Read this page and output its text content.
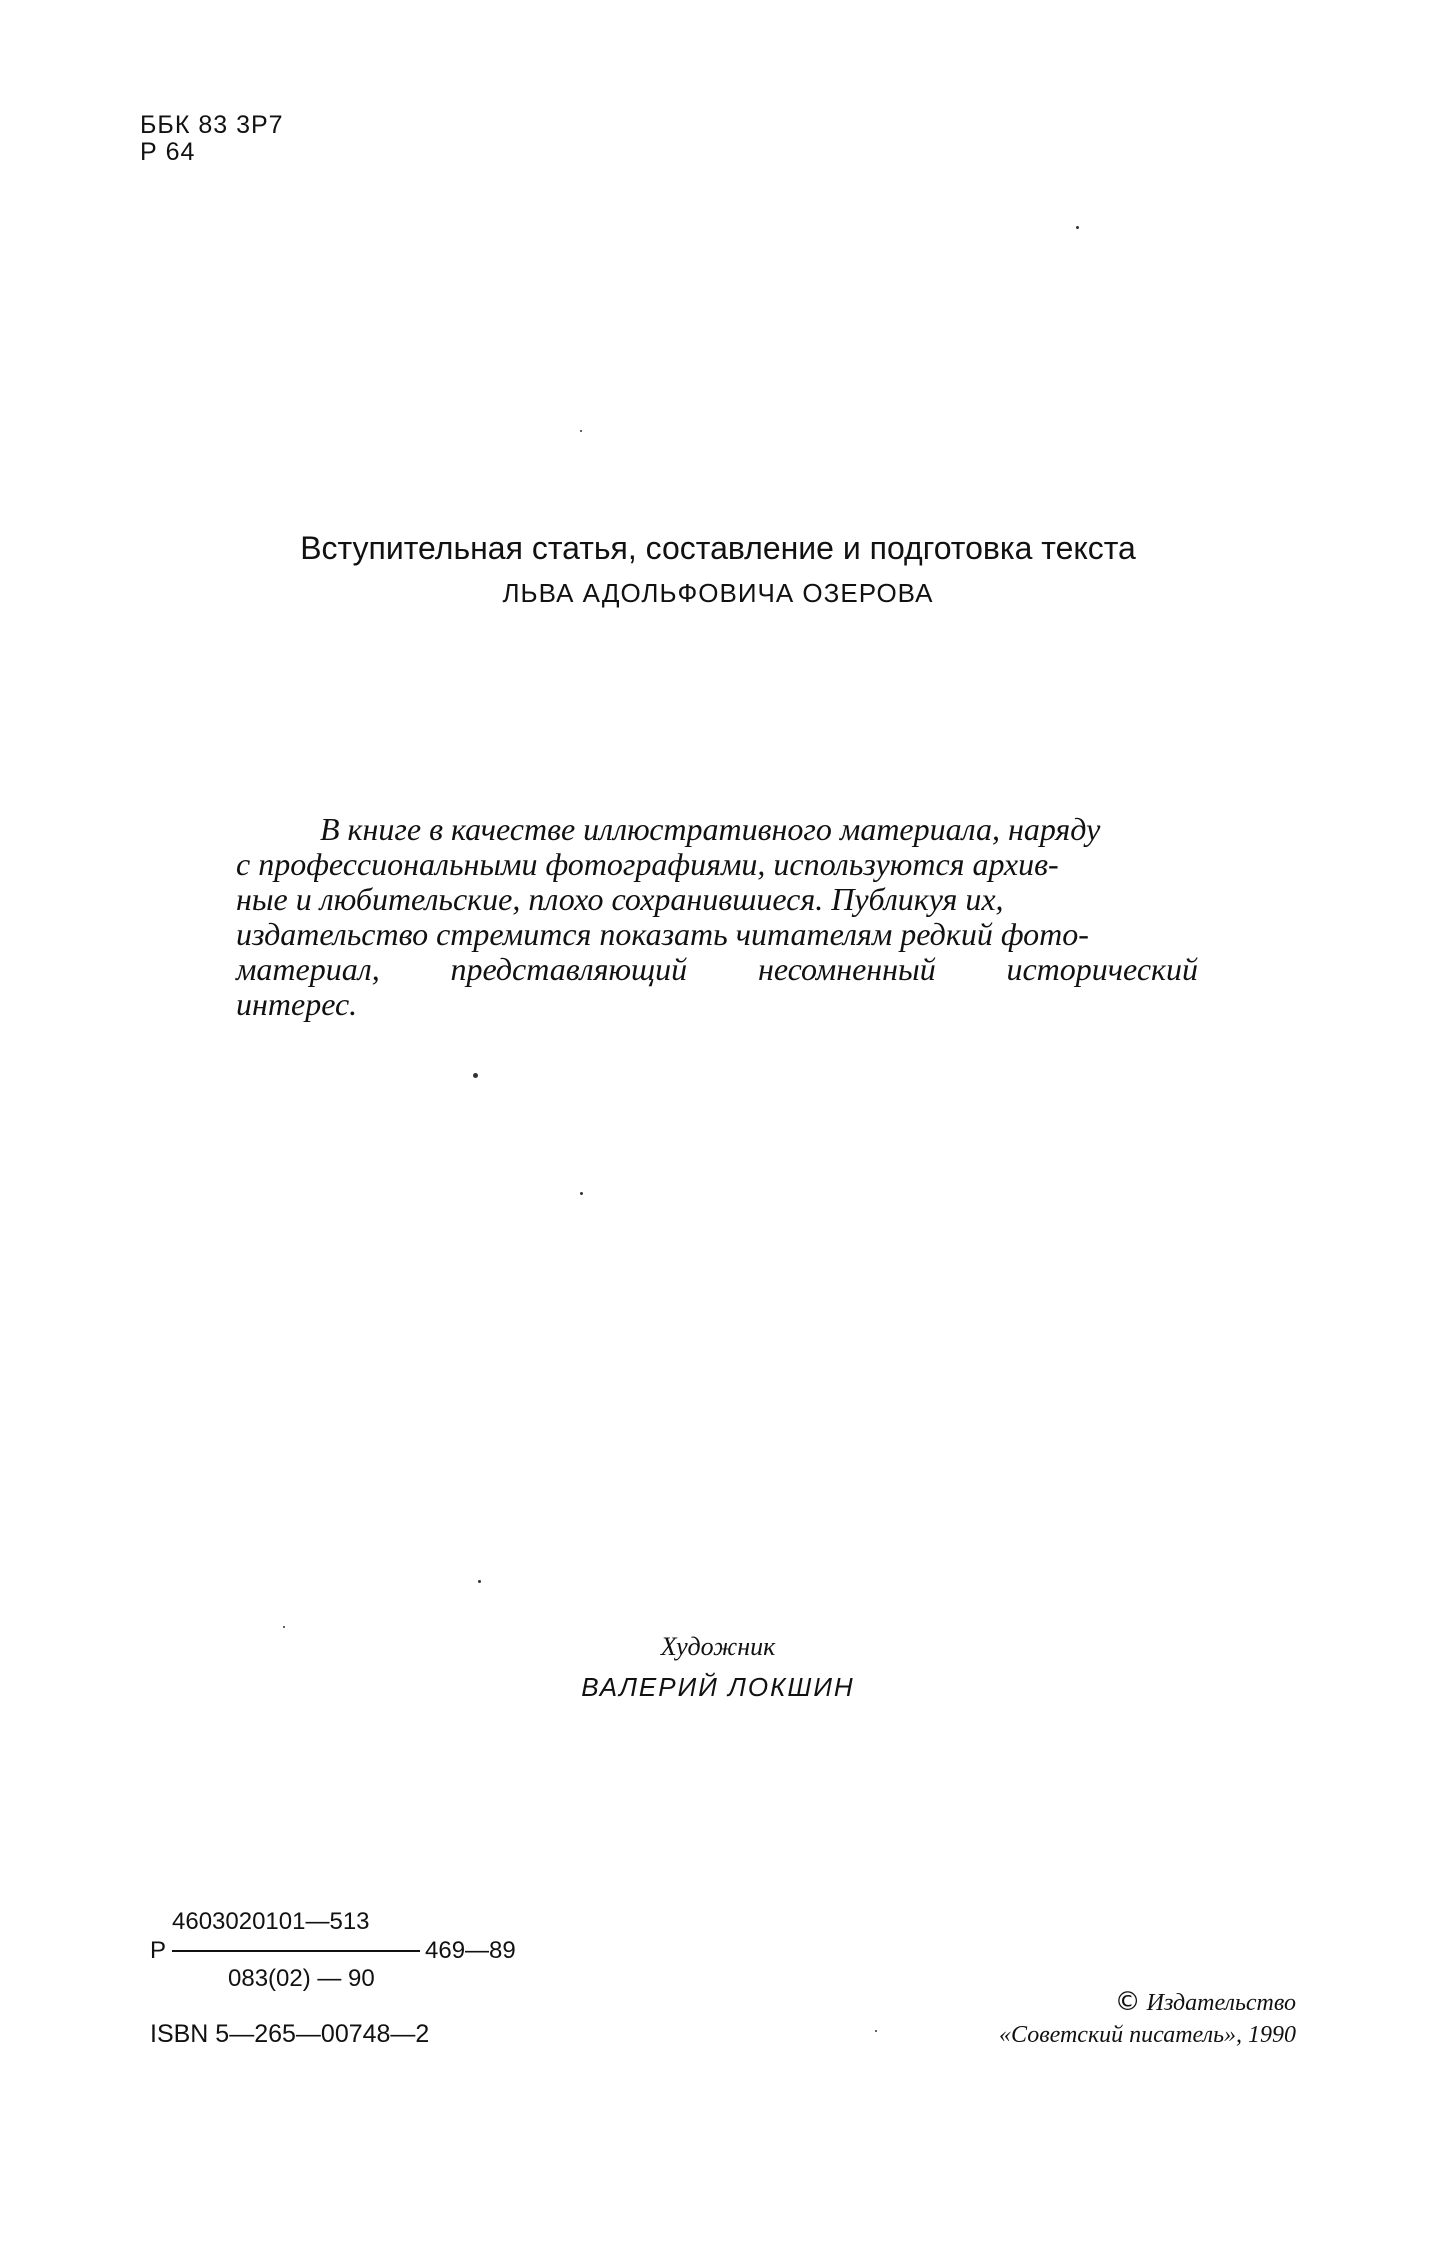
ББК 83 3Р7
Р 64
Вступительная статья, составление и подготовка текста
ЛЬВА АДОЛЬФОВИЧА ОЗЕРОВА
В книге в качестве иллюстративного материала, наряду
с профессиональными фотографиями, используются архив-
ные и любительские, плохо сохранившиеся. Публикуя их,
издательство стремится показать читателям редкий фото-
материал, представляющий несомненный исторический
интерес.
Художник
ВАЛЕРИЙ ЛОКШИН
4603020101—513
Р	469—89
083(02) — 90
ISBN 5—265—00748—2
© Издательство
«Советский писатель», 1990
